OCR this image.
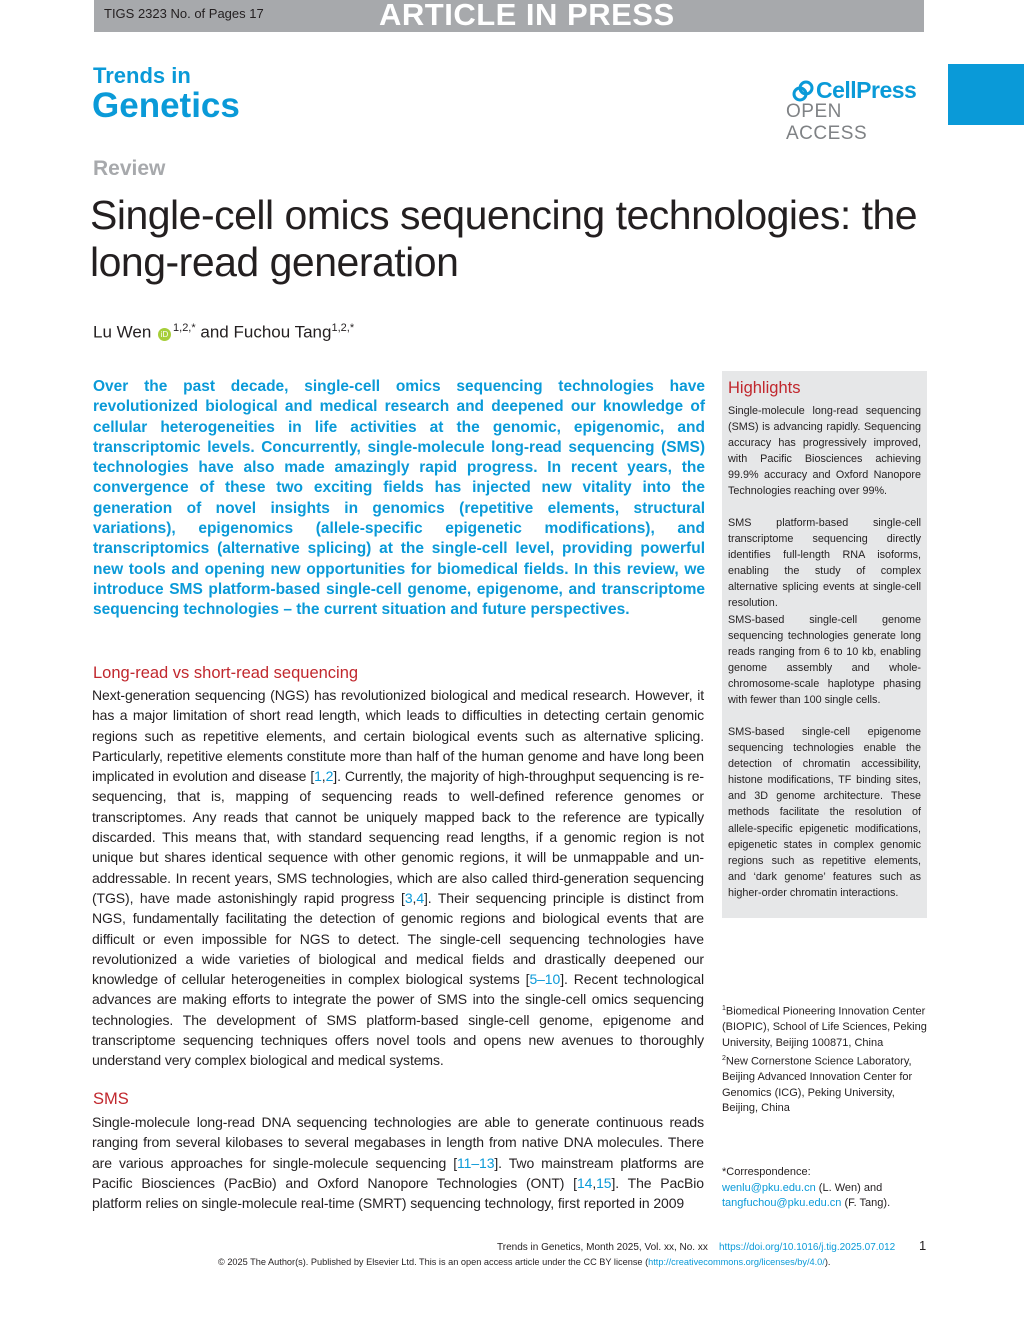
TIGS 2323 No. of Pages 17	ARTICLE IN PRESS
Trends in
Genetics	CellPress
OPEN ACCESS
Review
Single-cell omics sequencing technologies: the long-read generation
Lu Wen $iD^{1,2,*}$ and Fuchou Tang$^{1,2,*}$
Over the past decade, single-cell omics sequencing technologies have revolutionized biological and medical research and deepened our knowledge of cellular heterogeneities in life activities at the genomic, epigenomic, and transcriptomic levels. Concurrently, single-molecule long-read sequencing (SMS) technologies have also made amazingly rapid progress. In recent years, the convergence of these two exciting fields has injected new vitality into the generation of novel insights in genomics (repetitive elements, structural variations), epigenomics (allele-specific epigenetic modifications), and transcriptomics (alternative splicing) at the single-cell level, providing powerful new tools and opening new opportunities for biomedical fields. In this review, we introduce SMS platform-based single-cell genome, epigenome, and transcriptome sequencing technologies – the current situation and future perspectives.
Long-read vs short-read sequencing
Next-generation sequencing (NGS) has revolutionized biological and medical research. However, it has a major limitation of short read length, which leads to difficulties in detecting certain genomic regions such as repetitive elements, and certain biological events such as alternative splicing. Particularly, repetitive elements constitute more than half of the human genome and have long been implicated in evolution and disease [1,2]. Currently, the majority of high-throughput sequencing is re-sequencing, that is, mapping of sequencing reads to well-defined reference genomes or transcriptomes. Any reads that cannot be uniquely mapped back to the reference are typically discarded. This means that, with standard sequencing read lengths, if a genomic region is not unique but shares identical sequence with other genomic regions, it will be unmappable and un-addressable. In recent years, SMS technologies, which are also called third-generation sequencing (TGS), have made astonishingly rapid progress [3,4]. Their sequencing principle is distinct from NGS, fundamentally facilitating the detection of genomic regions and biological events that are difficult or even impossible for NGS to detect. The single-cell sequencing technologies have revolutionized a wide varieties of biological and medical fields and drastically deepened our knowledge of cellular heterogeneities in complex biological systems [5–10]. Recent technological advances are making efforts to integrate the power of SMS into the single-cell omics sequencing technologies. The development of SMS platform-based single-cell genome, epigenome and transcriptome sequencing techniques offers novel tools and opens new avenues to thoroughly understand very complex biological and medical systems.
SMS
Single-molecule long-read DNA sequencing technologies are able to generate continuous reads ranging from several kilobases to several megabases in length from native DNA molecules. There are various approaches for single-molecule sequencing [11–13]. Two mainstream platforms are Pacific Biosciences (PacBio) and Oxford Nanopore Technologies (ONT) [14,15]. The PacBio platform relies on single-molecule real-time (SMRT) sequencing technology, first reported in 2009
Highlights
Single-molecule long-read sequencing (SMS) is advancing rapidly. Sequencing accuracy has progressively improved, with Pacific Biosciences achieving 99.9% accuracy and Oxford Nanopore Technologies reaching over 99%.
SMS platform-based single-cell transcriptome sequencing directly identifies full-length RNA isoforms, enabling the study of complex alternative splicing events at single-cell resolution.
SMS-based single-cell genome sequencing technologies generate long reads ranging from 6 to 10 kb, enabling genome assembly and whole-chromosome-scale haplotype phasing with fewer than 100 single cells.
SMS-based single-cell epigenome sequencing technologies enable the detection of chromatin accessibility, histone modifications, TF binding sites, and 3D genome architecture. These methods facilitate the resolution of allele-specific epigenetic modifications, epigenetic states in complex genomic regions such as repetitive elements, and ‘dark genome’ features such as higher-order chromatin interactions.
$^1$Biomedical Pioneering Innovation Center (BIOPIC), School of Life Sciences, Peking University, Beijing 100871, China
$^2$New Cornerstone Science Laboratory, Beijing Advanced Innovation Center for Genomics (ICG), Peking University, Beijing, China
*Correspondence:
wenlu@pku.edu.cn (L. Wen) and
tangfuchou@pku.edu.cn (F. Tang).
Trends in Genetics, Month 2025, Vol. xx, No. xx https://doi.org/10.1016/j.tig.2025.07.012 1
© 2025 The Author(s). Published by Elsevier Ltd. This is an open access article under the CC BY license (http://creativecommons.org/licenses/by/4.0/).
